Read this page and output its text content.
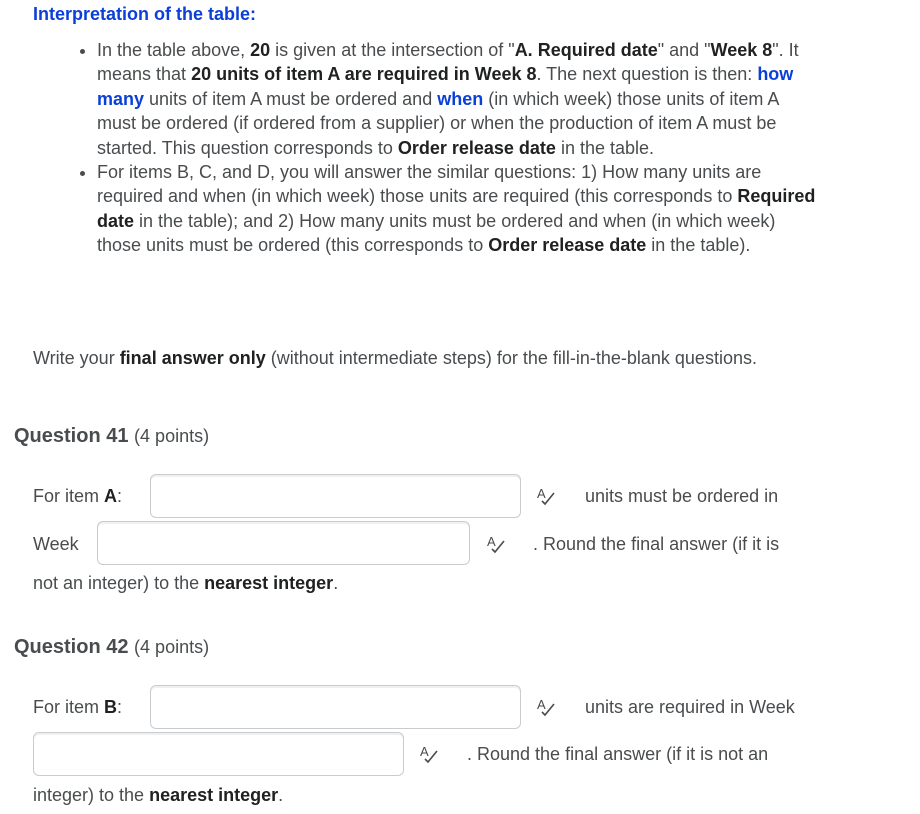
Interpretation of the table:
• In the table above, 20 is given at the intersection of "A. Required date" and "Week 8". It means that 20 units of item A are required in Week 8. The next question is then: how many units of item A must be ordered and when (in which week) those units of item A must be ordered (if ordered from a supplier) or when the production of item A must be started. This question corresponds to Order release date in the table.
• For items B, C, and D, you will answer the similar questions: 1) How many units are required and when (in which week) those units are required (this corresponds to Required date in the table); and 2) How many units must be ordered and when (in which week) those units must be ordered (this corresponds to Order release date in the table).
Write your final answer only (without intermediate steps) for the fill-in-the-blank questions.
Question 41 (4 points)
For item A:	A units must be ordered in
Week	A . Round the final answer (if it is
not an integer) to the nearest integer.
Question 42 (4 points)
For item B:	A units are required in Week
A . Round the final answer (if it is not an
integer) to the nearest integer.
